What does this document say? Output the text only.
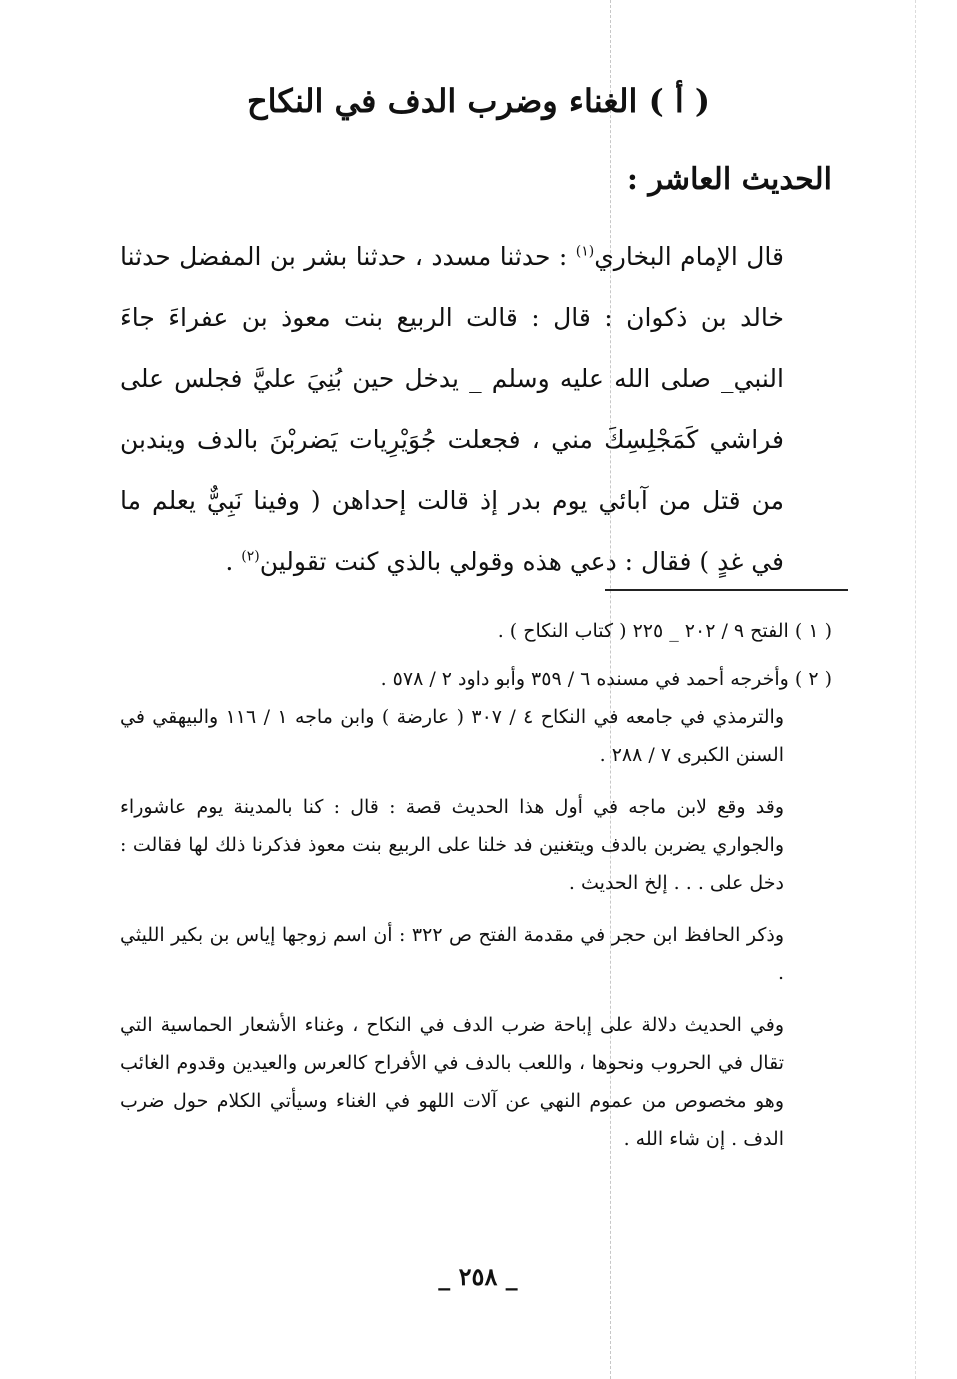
( أ ) الغناء وضرب الدف في النكاح
الحديث العاشر :

قال الإمام البخاري$^{(١)}$ : حدثنا مسدد ، حدثنا بشر بن المفضل حدثنا خالد بن ذكوان : قال : قالت الربيع بنت معوذ بن عفراءَ جاءَ النبي_ صلى الله عليه وسلم _ يدخل حين بُنِيَ عليَّ فجلس على فراشي كَمَجْلِسِكَ مني ، فجعلت جُوَيْرِيات يَضربْنَ بالدف ويندبن من قتل من آبائي يوم بدر إذ قالت إحداهن ( وفينا نَبِيٌّ يعلم ما في غدٍ ) فقال : دعي هذه وقولي بالذي كنت تقولين$^{(٢)}$ .

( ١ ) الفتح ٩ / ٢٠٢ _ ٢٢٥ ( كتاب النكاح ) .

( ٢ ) وأخرجه أحمد في مسنده ٦ / ٣٥٩ وأبو داود ٢ / ٥٧٨ .

والترمذي في جامعه في النكاح ٤ / ٣٠٧ ( عارضة ) وابن ماجه ١ / ١١٦ والبيهقي في السنن الكبرى ٧ / ٢٨٨ .

وقد وقع لابن ماجه في أول هذا الحديث قصة : قال : كنا بالمدينة يوم عاشوراء والجواري يضربن بالدف ويتغنين فد خلنا على الربيع بنت معوذ فذكرنا ذلك لها فقالت : دخل على . . . إلخ الحديث .

وذكر الحافظ ابن حجر في مقدمة الفتح ص ٣٢٢ : أن اسم زوجها إياس بن بكير الليثي .

وفي الحديث دلالة على إباحة ضرب الدف في النكاح ، وغناء الأشعار الحماسية التي تقال في الحروب ونحوها ، واللعب بالدف في الأفراح كالعرس والعيدين وقدوم الغائب وهو مخصوص من عموم النهي عن آلات اللهو في الغناء وسيأتي الكلام حول ضرب الدف . إن شاء الله .

_ ٢٥٨ _
